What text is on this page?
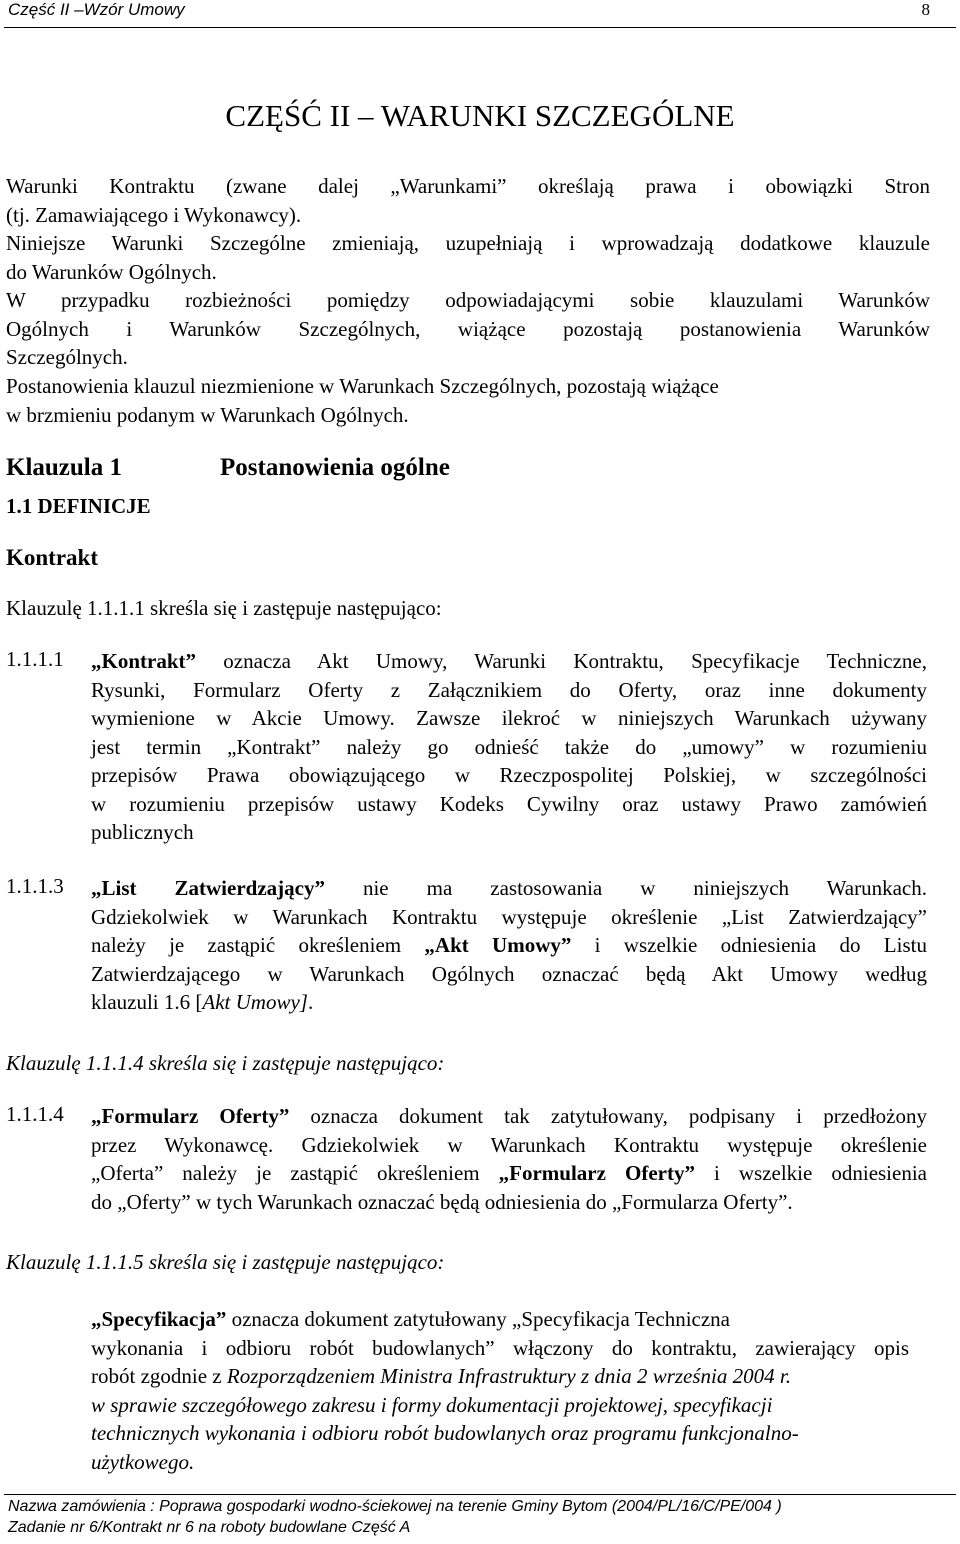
Część II –Wzór Umowy	8
CZĘŚĆ II – WARUNKI SZCZEGÓLNE
Warunki Kontraktu (zwane dalej „Warunkami” określają prawa i obowiązki Stron
(tj. Zamawiającego i Wykonawcy).
Niniejsze Warunki Szczególne zmieniają, uzupełniają i wprowadzają dodatkowe klauzule
do Warunków Ogólnych.
W przypadku rozbieżności pomiędzy odpowiadającymi sobie klauzulami Warunków
Ogólnych i Warunków Szczególnych, wiążące pozostają postanowienia Warunków
Szczególnych.
Postanowienia klauzul niezmienione w Warunkach Szczególnych, pozostają wiążące
w brzmieniu podanym w Warunkach Ogólnych.
Klauzula 1	Postanowienia ogólne
1.1 DEFINICJE
Kontrakt
Klauzulę 1.1.1.1 skreśla się i zastępuje następująco:
1.1.1.1 „Kontrakt” oznacza Akt Umowy, Warunki Kontraktu, Specyfikacje Techniczne,
Rysunki, Formularz Oferty z Załącznikiem do Oferty, oraz inne dokumenty
wymienione w Akcie Umowy. Zawsze ilekroć w niniejszych Warunkach używany
jest termin „Kontrakt” należy go odnieść także do „umowy” w rozumieniu
przepisów Prawa obowiązującego w Rzeczpospolitej Polskiej, w szczególności
w rozumieniu przepisów ustawy Kodeks Cywilny oraz ustawy Prawo zamówień
publicznych
1.1.1.3 „List Zatwierdzający” nie ma zastosowania w niniejszych Warunkach.
Gdziekolwiek w Warunkach Kontraktu występuje określenie „List Zatwierdzający”
należy je zastąpić określeniem „Akt Umowy” i wszelkie odniesienia do Listu
Zatwierdzającego w Warunkach Ogólnych oznaczać będą Akt Umowy według
klauzuli 1.6 [Akt Umowy].
Klauzulę 1.1.1.4 skreśla się i zastępuje następująco:
1.1.1.4 „Formularz Oferty” oznacza dokument tak zatytułowany, podpisany i przedłożony
przez Wykonawcę. Gdziekolwiek w Warunkach Kontraktu występuje określenie
„Oferta” należy je zastąpić określeniem „Formularz Oferty” i wszelkie odniesienia
do „Oferty” w tych Warunkach oznaczać będą odniesienia do „Formularza Oferty”.
Klauzulę 1.1.1.5 skreśla się i zastępuje następująco:
„Specyfikacja” oznacza dokument zatytułowany „Specyfikacja Techniczna
wykonania i odbioru robót budowlanych” włączony do kontraktu, zawierający opis
robót zgodnie z Rozporządzeniem Ministra Infrastruktury z dnia 2 września 2004 r.
w sprawie szczegółowego zakresu i formy dokumentacji projektowej, specyfikacji
technicznych wykonania i odbioru robót budowlanych oraz programu funkcjonalno-
użytkowego.
Nazwa zamówienia : Poprawa gospodarki wodno-ściekowej na terenie Gminy Bytom (2004/PL/16/C/PE/004 )
Zadanie nr 6/Kontrakt nr 6 na roboty budowlane Część A
